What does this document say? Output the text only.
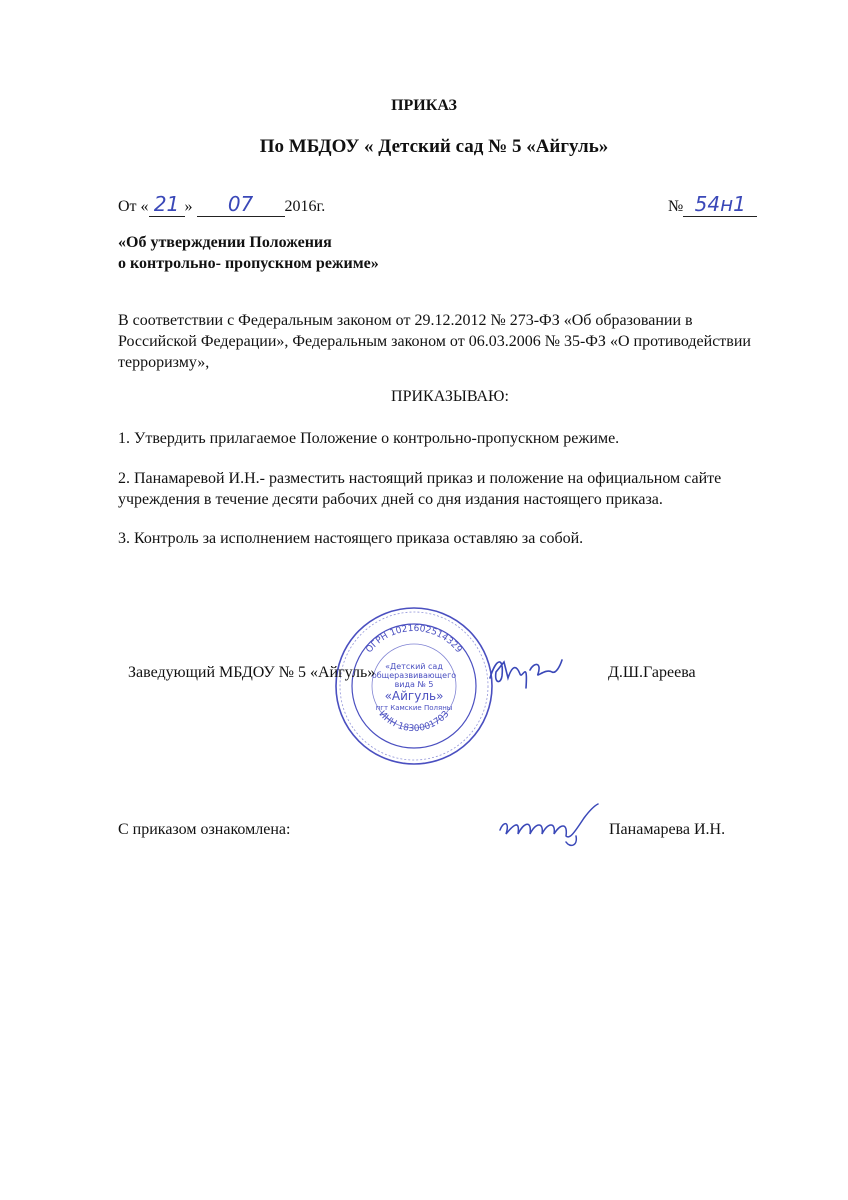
ПРИКАЗ
По МБДОУ « Детский сад № 5 «Айгуль»
От « 21 » 07 2016г.	№ 54н1
«Об утверждении Положения
о контрольно- пропускном режиме»
В соответствии с Федеральным законом от 29.12.2012 № 273-ФЗ «Об образовании в Российской Федерации», Федеральным законом от 06.03.2006 № 35-ФЗ «О противодействии терроризму»,
ПРИКАЗЫВАЮ:
1. Утвердить прилагаемое Положение о контрольно-пропускном режиме.
2. Панамаревой И.Н.- разместить настоящий приказ и положение на официальном сайте учреждения в течение десяти рабочих дней со дня издания настоящего приказа.
3. Контроль за исполнением настоящего приказа оставляю за собой.
ОГРН 1021602514329
ИНН 1830001703
«Детский сад
общеразвивающего
вида № 5
«Айгуль»
пгт Камские Поляны
Заведующий МБДОУ № 5 «Айгуль»	Д.Ш.Гареева
С приказом ознакомлена:	Панамарева И.Н.
